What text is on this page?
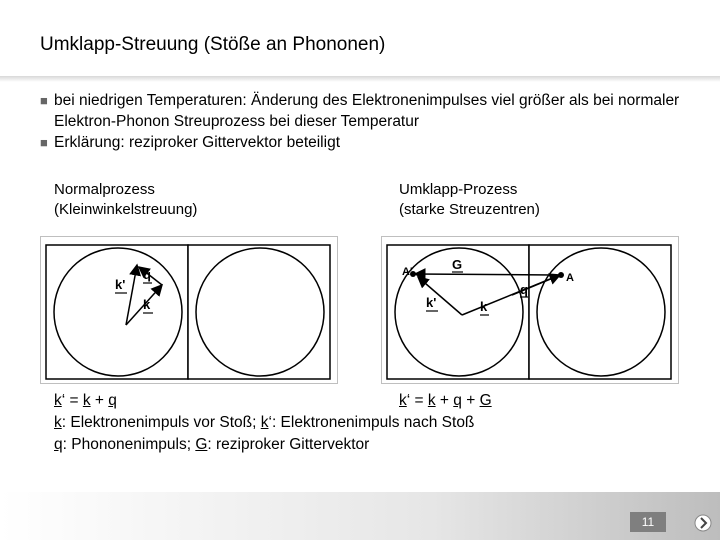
Umklapp-Streuung (Stöße an Phononen)
■ bei niedrigen Temperaturen: Änderung des Elektronenimpulses viel größer als bei normaler Elektron-Phonon Streuprozess bei dieser Temperatur
■ Erklärung: reziproker Gittervektor beteiligt
Normalprozess
(Kleinwinkelstreuung)
Umklapp-Prozess
(starke Streuzentren)
k'
q
k
A'	G
A
q
k'	k
k‘ = k + q	k‘ = k + q + G
k: Elektronenimpuls vor Stoß; k‘: Elektronenimpuls nach Stoß
q: Phononenimpuls; G: reziproker Gittervektor
11
